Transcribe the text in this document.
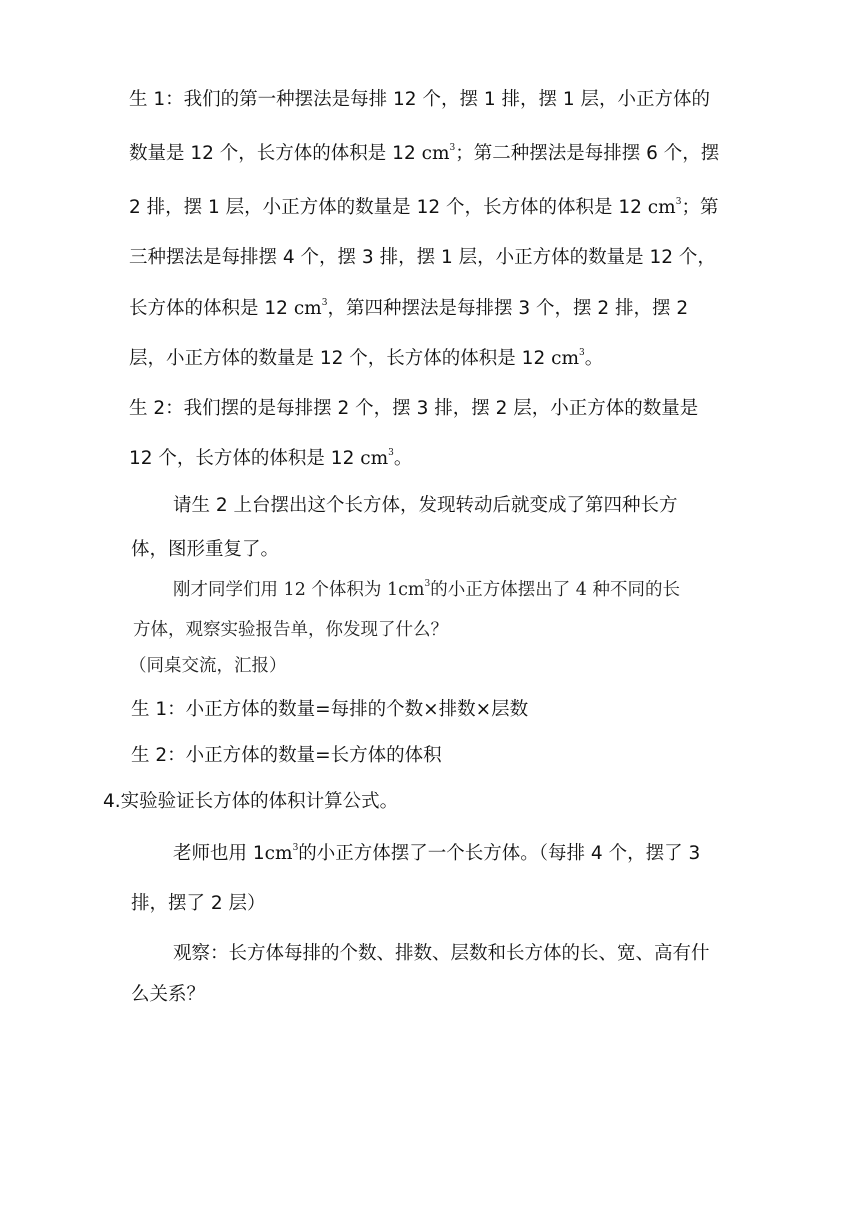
生 1：我们的第一种摆法是每排 12 个，摆 1 排，摆 1 层，小正方体的
数量是 12 个，长方体的体积是 12 $cm^3$；第二种摆法是每排摆 6 个，摆
2 排，摆 1 层，小正方体的数量是 12 个，长方体的体积是 12 $cm^3$；第
三种摆法是每排摆 4 个，摆 3 排，摆 1 层，小正方体的数量是 12 个，
长方体的体积是 12 $cm^3$，第四种摆法是每排摆 3 个，摆 2 排，摆 2
层，小正方体的数量是 12 个，长方体的体积是 12 $cm^3$。
生 2：我们摆的是每排摆 2 个，摆 3 排，摆 2 层，小正方体的数量是
12 个，长方体的体积是 12 $cm^3$。
请生 2 上台摆出这个长方体，发现转动后就变成了第四种长方
体，图形重复了。
刚才同学们用 12 个体积为 $1cm^3$的小正方体摆出了 4 种不同的长
方体，观察实验报告单，你发现了什么？
（同桌交流，汇报）
生 1：小正方体的数量=每排的个数×排数×层数
生 2：小正方体的数量=长方体的体积
4.实验验证长方体的体积计算公式。
老师也用 $1cm^3$的小正方体摆了一个长方体。（每排 4 个，摆了 3
排，摆了 2 层）
观察：长方体每排的个数、排数、层数和长方体的长、宽、高有什
么关系？
